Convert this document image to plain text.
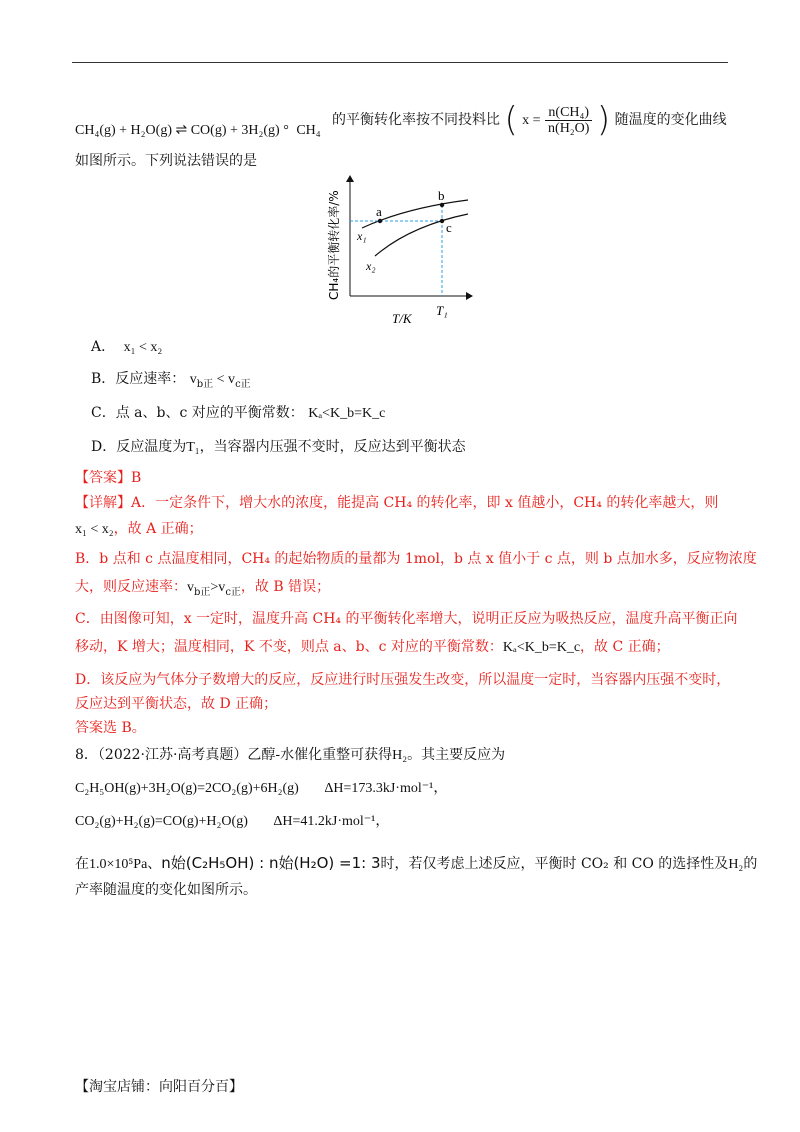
CH₄(g) + H₂O(g) ⇌ CO(g) + 3H₂(g) ° CH₄
的平衡转化率按不同投料比 ( $x = \frac{\text{n(CH₄)}}{\text{n(H₂O)}}$ ) 随温度的变化曲线
如图所示。下列说法错误的是
a
b
c
x₁
x₂
CH₄的平衡转化率/%
T/K
T₁
A． x₁ < x₂
B．反应速率： $v_{b正} < v_{c正}$
C．点 a、b、c 对应的平衡常数： Kₐ<K_b=K_c
D．反应温度为T₁，当容器内压强不变时，反应达到平衡状态
【答案】B
【详解】A．一定条件下，增大水的浓度，能提高 CH₄ 的转化率，即 x 值越小，CH₄ 的转化率越大，则
x₁ < x₂，故 A 正确；
B．b 点和 c 点温度相同，CH₄ 的起始物质的量都为 1mol，b 点 x 值小于 c 点，则 b 点加水多，反应物浓度
大，则反应速率：$v_{b正}>v_{c正}$，故 B 错误；
C．由图像可知，x 一定时，温度升高 CH₄ 的平衡转化率增大，说明正反应为吸热反应，温度升高平衡正向
移动，K 增大；温度相同，K 不变，则点 a、b、c 对应的平衡常数：Kₐ<K_b=K_c，故 C 正确；
D．该反应为气体分子数增大的反应，反应进行时压强发生改变，所以温度一定时，当容器内压强不变时，
反应达到平衡状态，故 D 正确；
答案选 B。
8．（2022·江苏·高考真题）乙醇-水催化重整可获得H₂。其主要反应为
C₂H₅OH(g)+3H₂O(g)=2CO₂(g)+6H₂(g) ΔH=173.3kJ·mol⁻¹，
CO₂(g)+H₂(g)=CO(g)+H₂O(g) ΔH=41.2kJ·mol⁻¹，
在1.0×10⁵Pa、n始(C₂H₅OH) : n始(H₂O) =1: 3时，若仅考虑上述反应，平衡时 CO₂ 和 CO 的选择性及H₂的
产率随温度的变化如图所示。
【淘宝店铺：向阳百分百】
